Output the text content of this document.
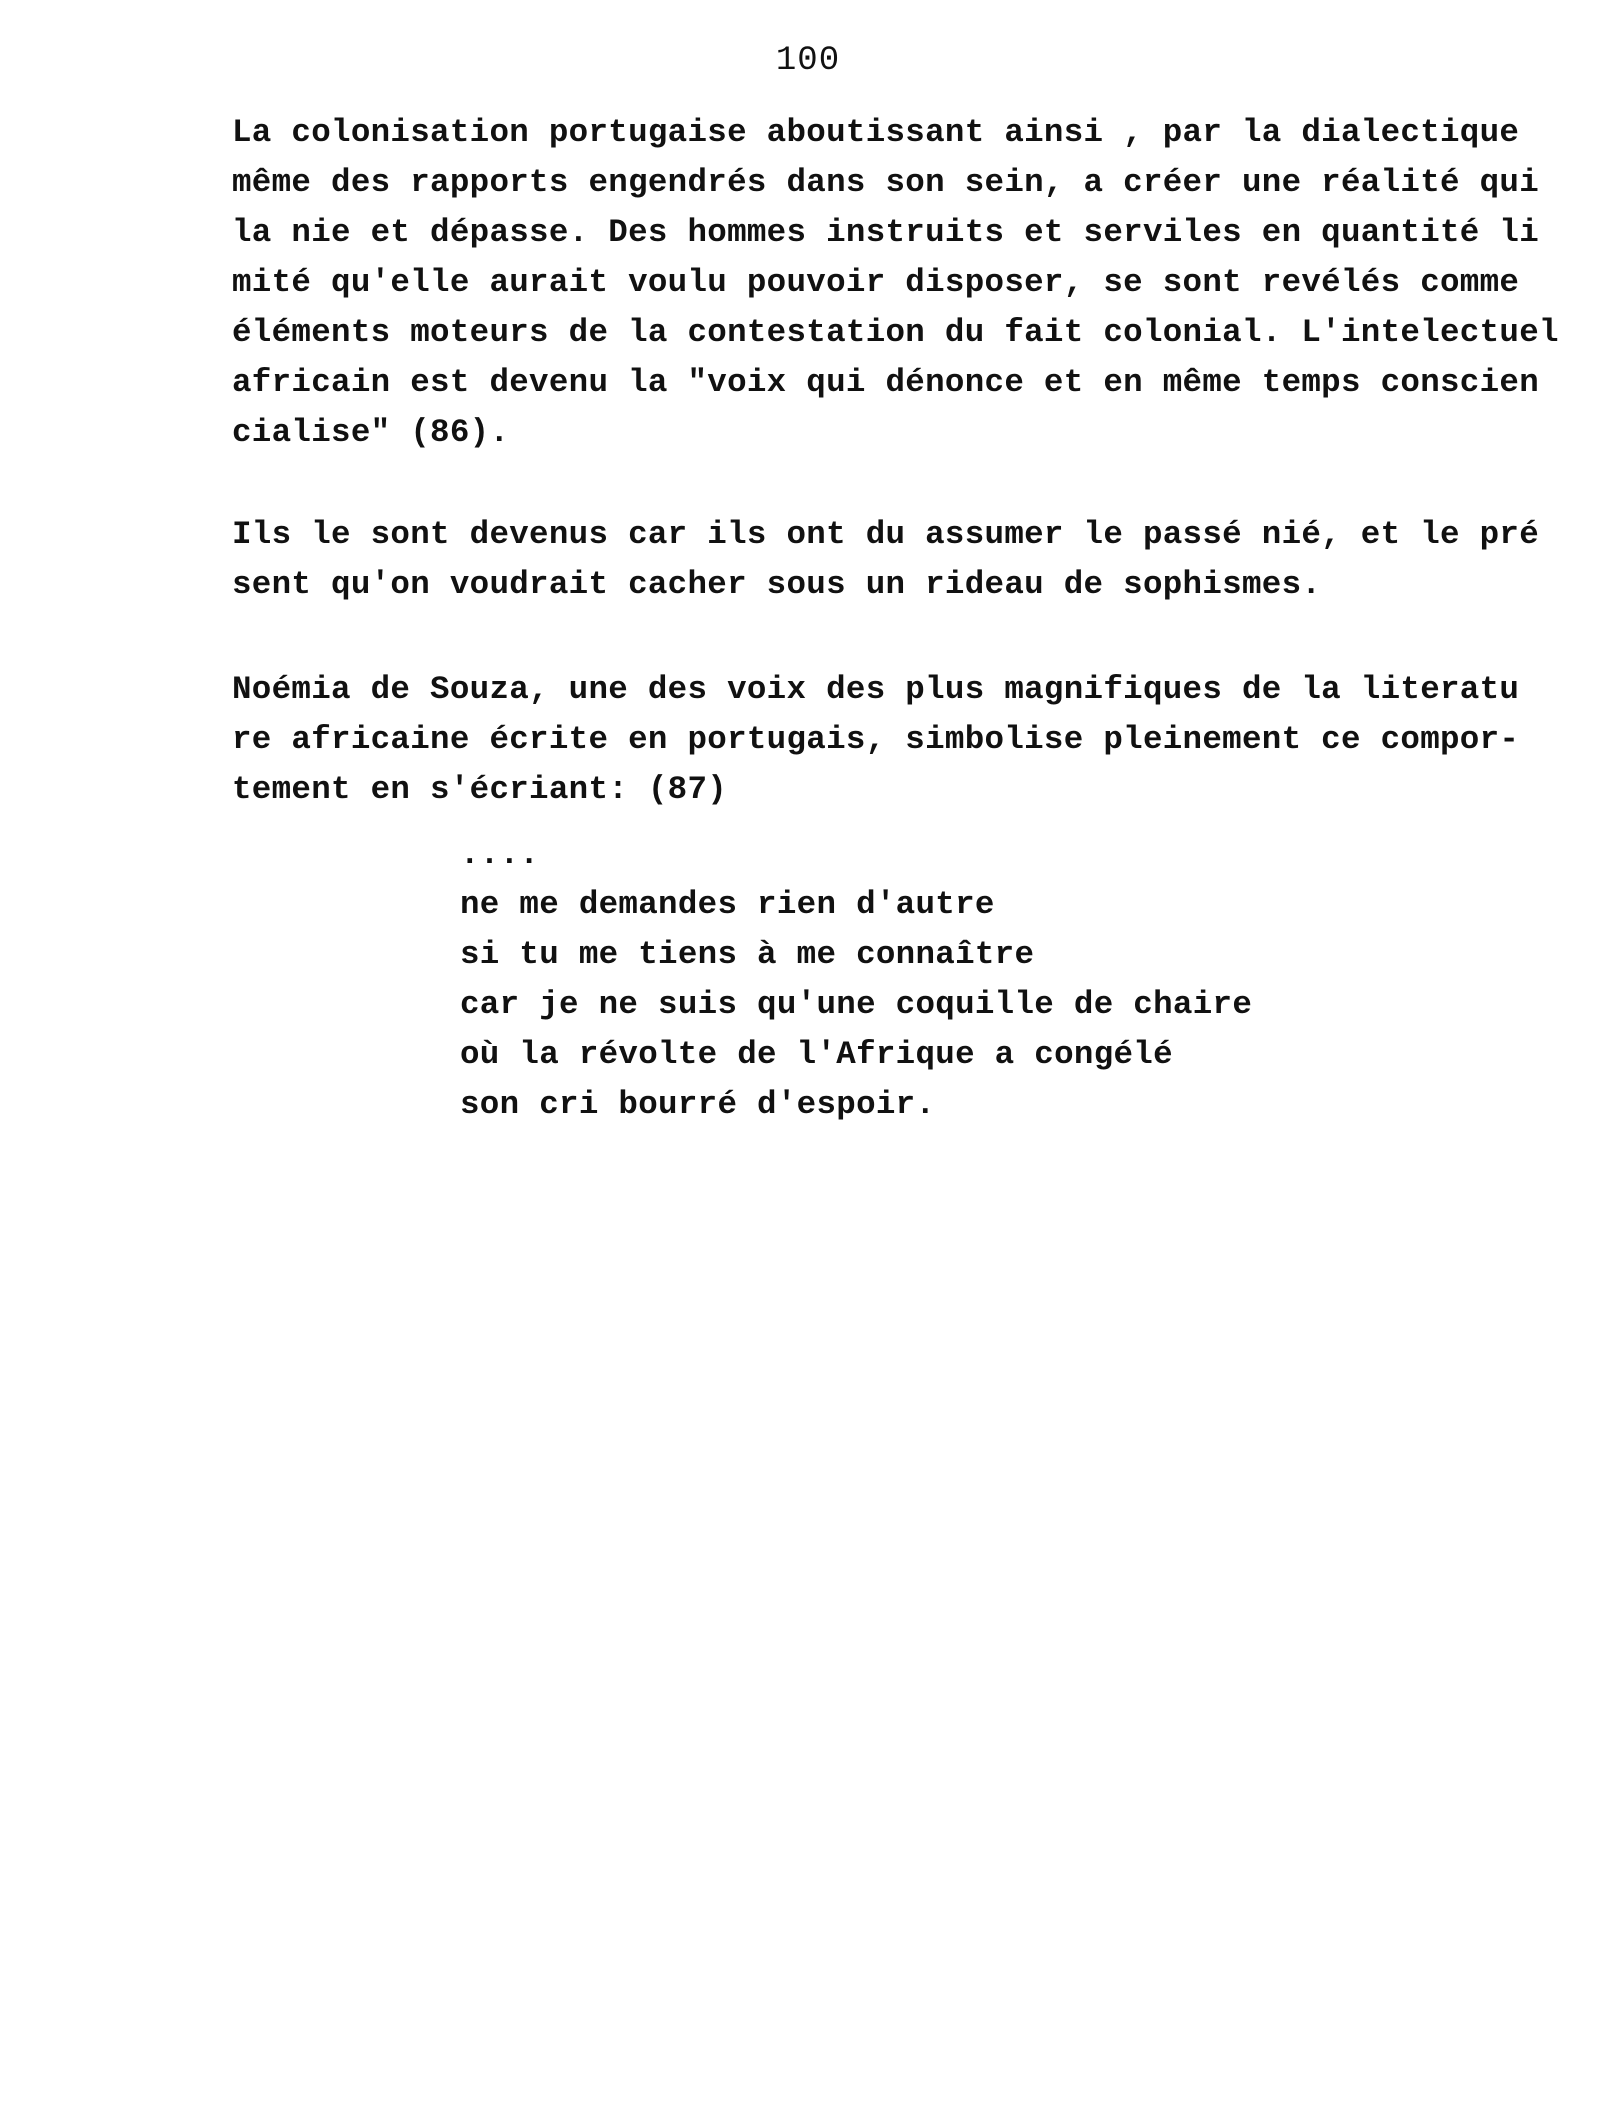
100
La colonisation portugaise aboutissant ainsi , par la dialectique
même des rapports engendrés dans son sein, a créer une réalité qui
la nie et dépasse. Des hommes instruits et serviles en quantité li
mité qu'elle aurait voulu pouvoir disposer, se sont revélés comme
éléments moteurs de la contestation du fait colonial. L'intelectuel
africain est devenu la "voix qui dénonce et en même temps conscien
cialise" (86).
Ils le sont devenus car ils ont du assumer le passé nié, et le pré
sent qu'on voudrait cacher sous un rideau de sophismes.
Noémia de Souza, une des voix des plus magnifiques de la literatu
re africaine écrite en portugais, simbolise pleinement ce compor-
tement en s'écriant: (87)
....
ne me demandes rien d'autre
si tu me tiens à me connaître
car je ne suis qu'une coquille de chaire
où la révolte de l'Afrique a congélé
son cri bourré d'espoir.
